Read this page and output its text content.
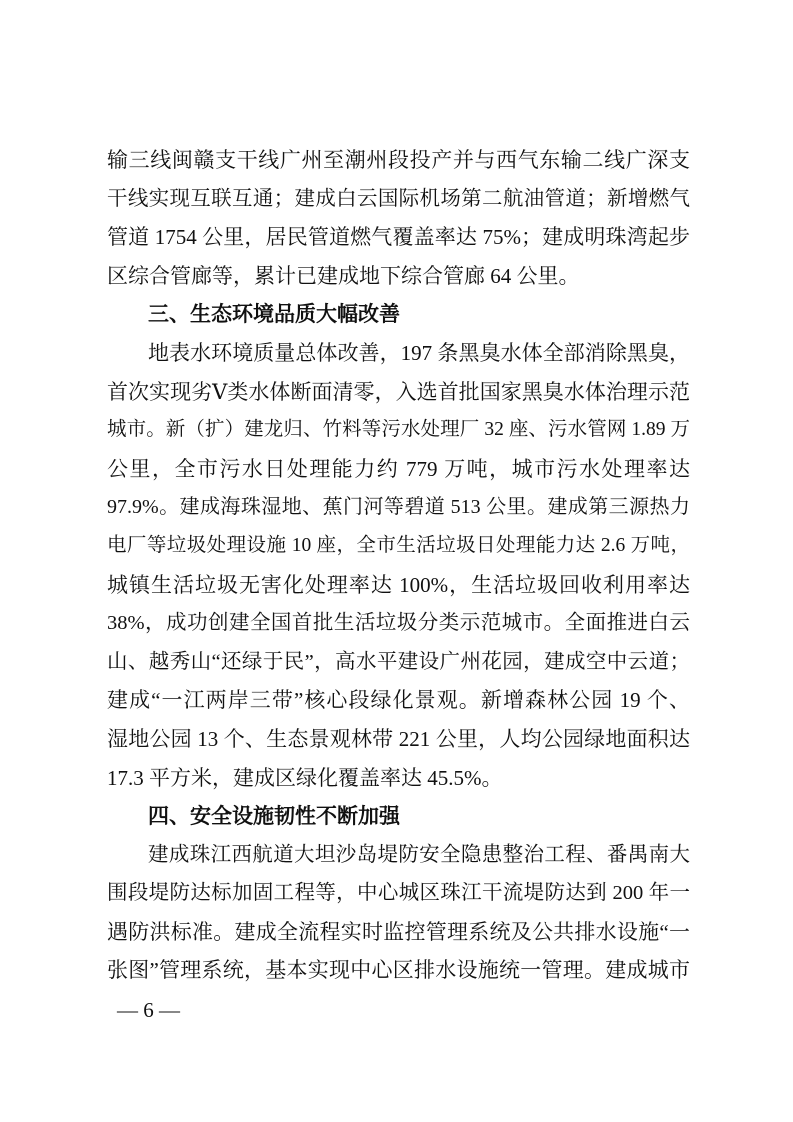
输三线闽赣支干线广州至潮州段投产并与西气东输二线广深支
干线实现互联互通；建成白云国际机场第二航油管道；新增燃气
管道 1754 公里，居民管道燃气覆盖率达 75%；建成明珠湾起步
区综合管廊等，累计已建成地下综合管廊 64 公里。
三、生态环境品质大幅改善
地表水环境质量总体改善，197 条黑臭水体全部消除黑臭，
首次实现劣Ⅴ类水体断面清零，入选首批国家黑臭水体治理示范
城市。新（扩）建龙归、竹料等污水处理厂 32 座、污水管网 1.89 万
公里，全市污水日处理能力约 779 万吨，城市污水处理率达
97.9%。建成海珠湿地、蕉门河等碧道 513 公里。建成第三源热力
电厂等垃圾处理设施 10 座，全市生活垃圾日处理能力达 2.6 万吨，
城镇生活垃圾无害化处理率达 100%，生活垃圾回收利用率达
38%，成功创建全国首批生活垃圾分类示范城市。全面推进白云
山、越秀山“还绿于民”，高水平建设广州花园，建成空中云道；
建成“一江两岸三带”核心段绿化景观。新增森林公园 19 个、
湿地公园 13 个、生态景观林带 221 公里，人均公园绿地面积达
17.3 平方米，建成区绿化覆盖率达 45.5%。
四、安全设施韧性不断加强
建成珠江西航道大坦沙岛堤防安全隐患整治工程、番禺南大
围段堤防达标加固工程等，中心城区珠江干流堤防达到 200 年一
遇防洪标准。建成全流程实时监控管理系统及公共排水设施“一
张图”管理系统，基本实现中心区排水设施统一管理。建成城市
— 6 —
